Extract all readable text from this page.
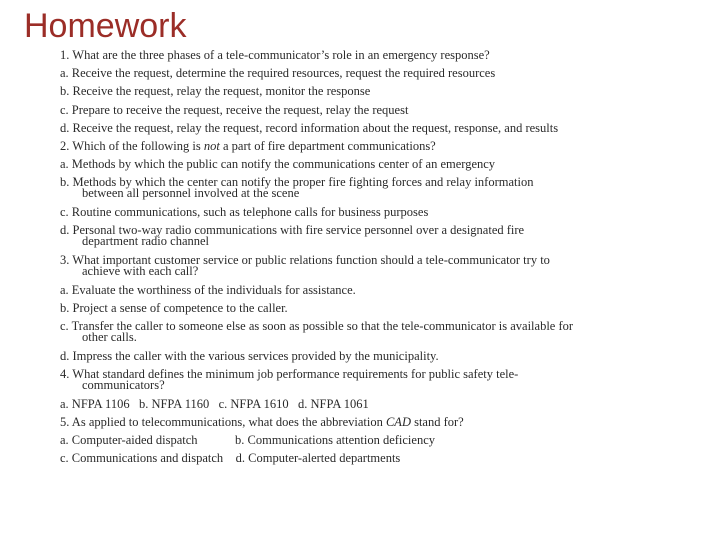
Homework
1. What are the three phases of a tele-communicator’s role in an emergency response?
a. Receive the request, determine the required resources, request the required resources
b. Receive the request, relay the request, monitor the response
c. Prepare to receive the request, receive the request, relay the request
d. Receive the request, relay the request, record information about the request, response, and results
2. Which of the following is not a part of fire department communications?
a. Methods by which the public can notify the communications center of an emergency
b. Methods by which the center can notify the proper fire fighting forces and relay information
between all personnel involved at the scene
c. Routine communications, such as telephone calls for business purposes
d. Personal two-way radio communications with fire service personnel over a designated fire
department radio channel
3. What important customer service or public relations function should a tele-communicator try to
achieve with each call?
a. Evaluate the worthiness of the individuals for assistance.
b. Project a sense of competence to the caller.
c. Transfer the caller to someone else as soon as possible so that the tele-communicator is available for
other calls.
d. Impress the caller with the various services provided by the municipality.
4. What standard defines the minimum job performance requirements for public safety tele-
communicators?
a. NFPA 1106   b. NFPA 1160   c. NFPA 1610   d. NFPA 1061
5. As applied to telecommunications, what does the abbreviation CAD stand for?
a. Computer-aided dispatch            b. Communications attention deficiency
c. Communications and dispatch    d. Computer-alerted departments
